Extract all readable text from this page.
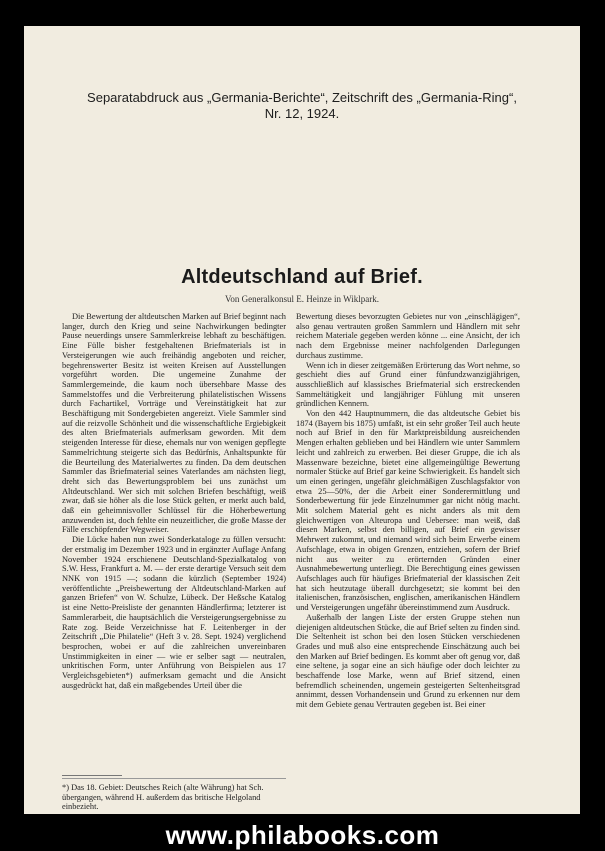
Separatabdruck aus „Germania-Berichte“, Zeitschrift des „Germania-Ring“,
Nr. 12, 1924.
Altdeutschland auf Brief.
Von Generalkonsul E. Heinze in Wiklpark.

Die Bewertung der altdeutschen Marken auf Brief beginnt nach langer, durch den Krieg und seine Nachwirkungen bedingter Pause neuerdings unsere Sammlerkreise lebhaft zu beschäftigen. Eine Fülle bisher festgehaltenen Briefmaterials ist in Versteigerungen wie auch freihändig angeboten und reicher, begehrenswerter Besitz ist weiten Kreisen auf Ausstellungen vorgeführt worden. Die ungemeine Zunahme der Sammlergemeinde, die kaum noch übersehbare Masse des Sammelstoffes und die Verbreiterung philatelistischen Wissens durch Fachartikel, Vorträge und Vereinstätigkeit hat zur Beschäftigung mit Sondergebieten angereizt. Viele Sammler sind auf die reizvolle Schönheit und die wissenschaftliche Ergiebigkeit des alten Briefmaterials aufmerksam geworden. Mit dem steigenden Interesse für diese, ehemals nur von wenigen gepflegte Sammelrichtung steigerte sich das Bedürfnis, Anhaltspunkte für die Beurteilung des Materialwertes zu finden. Da dem deutschen Sammler das Briefmaterial seines Vaterlandes am nächsten liegt, dreht sich das Bewertungsproblem bei uns zunächst um Altdeutschland. Wer sich mit solchen Briefen beschäftigt, weiß zwar, daß sie höher als die lose Stück gelten, er merkt auch bald, daß ein geheimnisvoller Schlüssel für die Höherbewertung anzuwenden ist, doch fehlte ein neuzeitlicher, die große Masse der Fälle erschöpfender Wegweiser.

Die Lücke haben nun zwei Sonderkataloge zu füllen versucht: der erstmalig im Dezember 1923 und in ergänzter Auflage Anfang November 1924 erschienene Deutschland-Spezialkatalog von S.W. Hess, Frankfurt a. M. — der erste derartige Versuch seit dem NNK von 1915 —; sodann die kürzlich (September 1924) veröffentlichte „Preisbewertung der Altdeutschland-Marken auf ganzen Briefen“ von W. Schulze, Lübeck. Der Heßsche Katalog ist eine Netto-Preisliste der genannten Händlerfirma; letzterer ist Sammlerarbeit, die hauptsächlich die Versteigerungsergebnisse zu Rate zog. Beide Verzeichnisse hat F. Leitenberger in der Zeitschrift „Die Philatelie“ (Heft 3 v. 28. Sept. 1924) verglichend besprochen, wobei er auf die zahlreichen unvereinbaren Unstimmigkeiten in einer — wie er selber sagt — neutralen, unkritischen Form, unter Anführung von Beispielen aus 17 Vergleichsgebieten*) aufmerksam gemacht und die Ansicht ausgedrückt hat, daß ein maßgebendes Urteil über die

*) Das 18. Gebiet: Deutsches Reich (alte Währung) hat Sch. übergangen, während H. außerdem das britische Helgoland einbezieht.

Bewertung dieses bevorzugten Gebietes nur von „einschlägigen“, also genau vertrauten großen Sammlern und Händlern mit sehr reichem Materiale gegeben werden könne ... eine Ansicht, der ich nach dem Ergebnisse meiner nachfolgenden Darlegungen durchaus zustimme.

Wenn ich in dieser zeitgemäßen Erörterung das Wort nehme, so geschieht dies auf Grund einer fünfundzwanzigjährigen, ausschließlich auf klassisches Briefmaterial sich erstreckenden Sammeltätigkeit und langjähriger Fühlung mit unseren gründlichen Kennern.

Von den 442 Hauptnummern, die das altdeutsche Gebiet bis 1874 (Bayern bis 1875) umfaßt, ist ein sehr großer Teil auch heute noch auf Brief in den für Marktpreisbildung ausreichenden Mengen erhalten geblieben und bei Händlern wie unter Sammlern leicht und zahlreich zu erwerben. Bei dieser Gruppe, die ich als Massenware bezeichne, bietet eine allgemeingültige Bewertung normaler Stücke auf Brief gar keine Schwierigkeit. Es handelt sich um einen geringen, ungefähr gleichmäßigen Zuschlagsfaktor von etwa 25—50%, der die Arbeit einer Sonderermittlung und Sonderbewertung für jede Einzelnummer gar nicht nötig macht. Mit solchem Material geht es nicht anders als mit dem gleichwertigen von Alteuropa und Uebersee: man weiß, daß diesen Marken, selbst den billigen, auf Brief ein gewisser Mehrwert zukommt, und niemand wird sich beim Erwerbe einem Aufschlage, etwa in obigen Grenzen, entziehen, sofern der Brief nicht aus weiter zu erörternden Gründen einer Ausnahmebewertung unterliegt. Die Berechtigung eines gewissen Aufschlages auch für häufiges Briefmaterial der klassischen Zeit hat sich heutzutage überall durchgesetzt; sie kommt bei den italienischen, französischen, englischen, amerikanischen Händlern und Versteigerungen ungefähr übereinstimmend zum Ausdruck.

Außerhalb der langen Liste der ersten Gruppe stehen nun diejenigen altdeutschen Stücke, die auf Brief selten zu finden sind. Die Seltenheit ist schon bei den losen Stücken verschiedenen Grades und muß also eine entsprechende Einschätzung auch bei den Marken auf Brief bedingen. Es kommt aber oft genug vor, daß eine seltene, ja sogar eine an sich häufige oder doch leichter zu beschaffende lose Marke, wenn auf Brief sitzend, einen befremdlich scheinenden, ungemein gesteigerten Seltenheitsgrad annimmt, dessen Vorhandensein und Grund zu erkennen nur dem mit dem Gebiete genau Vertrauten gegeben ist. Bei einer

www.philabooks.com
